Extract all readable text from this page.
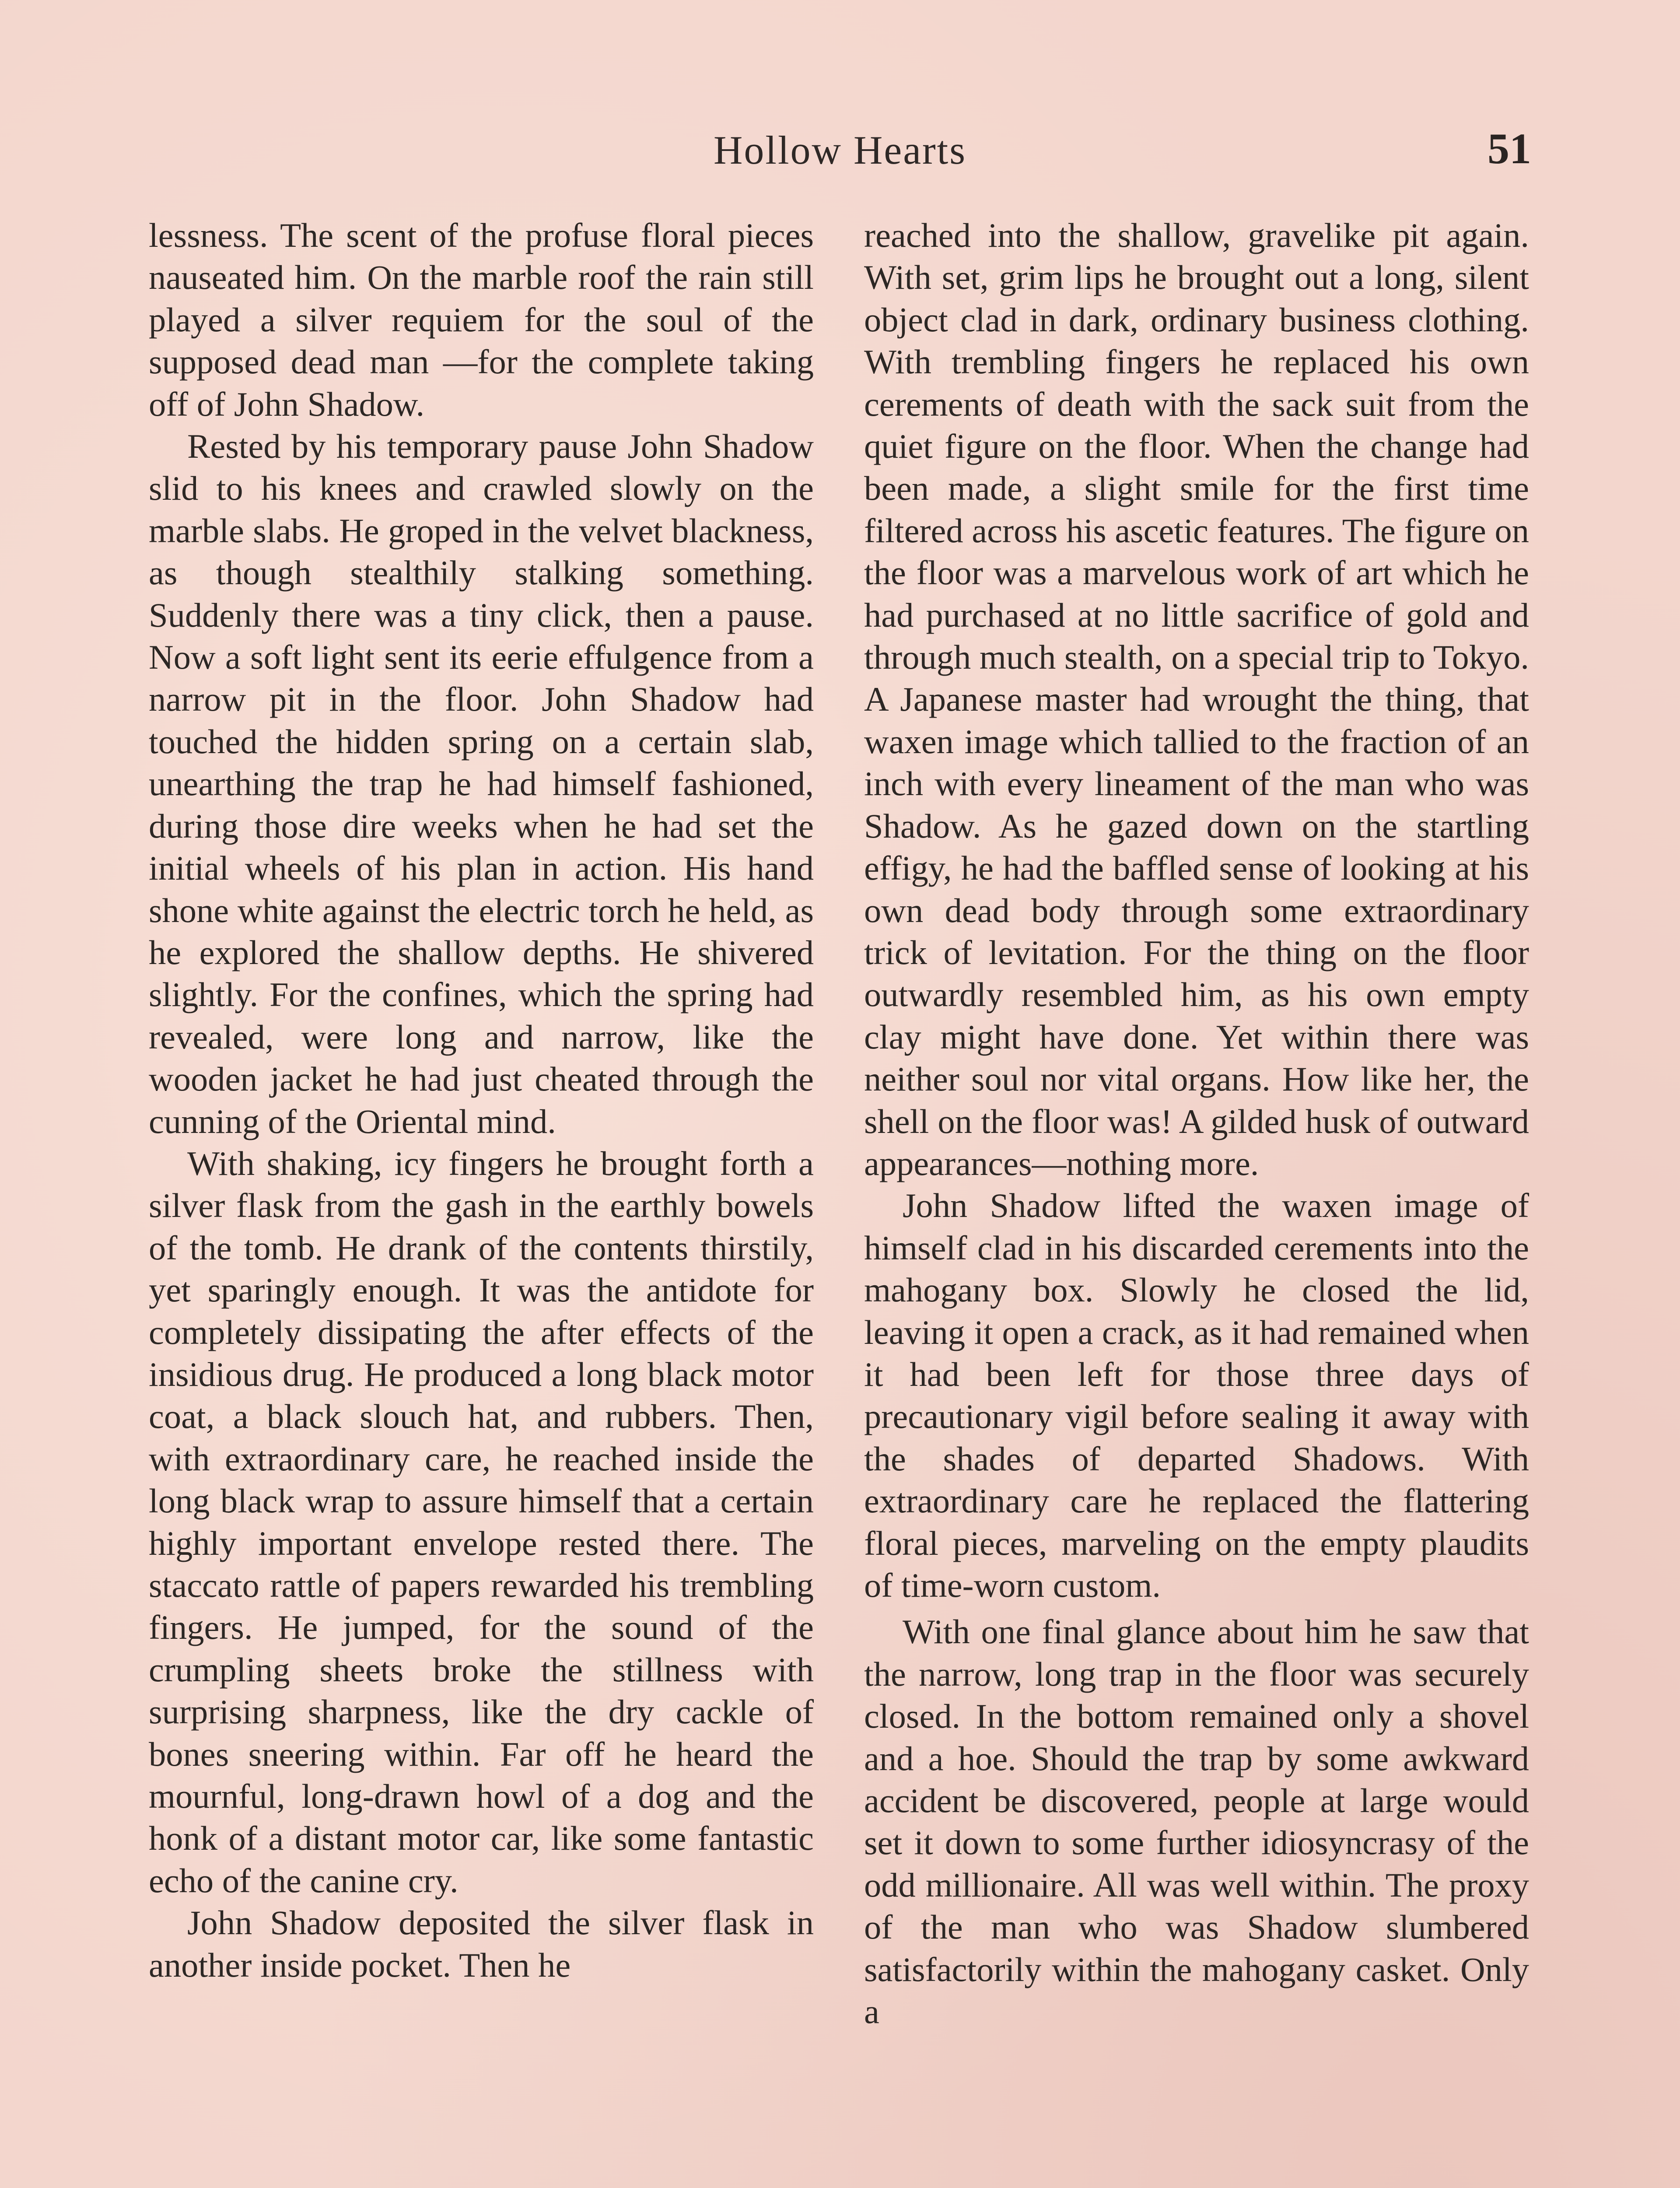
Hollow Hearts	51

lessness. The scent of the profuse floral pieces nauseated him. On the marble roof the rain still played a silver requiem for the soul of the supposed dead man —for the complete taking off of John Shadow.

Rested by his temporary pause John Shadow slid to his knees and crawled slowly on the marble slabs. He groped in the velvet blackness, as though stealthily stalking something. Suddenly there was a tiny click, then a pause. Now a soft light sent its eerie effulgence from a narrow pit in the floor. John Shadow had touched the hidden spring on a certain slab, unearthing the trap he had himself fashioned, during those dire weeks when he had set the initial wheels of his plan in action. His hand shone white against the electric torch he held, as he explored the shallow depths. He shivered slightly. For the confines, which the spring had revealed, were long and narrow, like the wooden jacket he had just cheated through the cunning of the Oriental mind.

With shaking, icy fingers he brought forth a silver flask from the gash in the earthly bowels of the tomb. He drank of the contents thirstily, yet sparingly enough. It was the antidote for completely dissipating the after effects of the insidious drug. He produced a long black motor coat, a black slouch hat, and rubbers. Then, with extraordinary care, he reached inside the long black wrap to assure himself that a certain highly important envelope rested there. The staccato rattle of papers rewarded his trembling fingers. He jumped, for the sound of the crumpling sheets broke the stillness with surprising sharpness, like the dry cackle of bones sneering within. Far off he heard the mournful, long-drawn howl of a dog and the honk of a distant motor car, like some fantastic echo of the canine cry.

John Shadow deposited the silver flask in another inside pocket. Then he

reached into the shallow, gravelike pit again. With set, grim lips he brought out a long, silent object clad in dark, ordinary business clothing. With trembling fingers he replaced his own cerements of death with the sack suit from the quiet figure on the floor. When the change had been made, a slight smile for the first time filtered across his ascetic features. The figure on the floor was a marvelous work of art which he had purchased at no little sacrifice of gold and through much stealth, on a special trip to Tokyo. A Japanese master had wrought the thing, that waxen image which tallied to the fraction of an inch with every lineament of the man who was Shadow. As he gazed down on the startling effigy, he had the baffled sense of looking at his own dead body through some extraordinary trick of levitation. For the thing on the floor outwardly resembled him, as his own empty clay might have done. Yet within there was neither soul nor vital organs. How like her, the shell on the floor was! A gilded husk of outward appearances—nothing more.

John Shadow lifted the waxen image of himself clad in his discarded cerements into the mahogany box. Slowly he closed the lid, leaving it open a crack, as it had remained when it had been left for those three days of precautionary vigil before sealing it away with the shades of departed Shadows. With extraordinary care he replaced the flattering floral pieces, marveling on the empty plaudits of time-worn custom.

With one final glance about him he saw that the narrow, long trap in the floor was securely closed. In the bottom remained only a shovel and a hoe. Should the trap by some awkward accident be discovered, people at large would set it down to some further idiosyncrasy of the odd millionaire. All was well within. The proxy of the man who was Shadow slumbered satisfactorily within the mahogany casket. Only a
